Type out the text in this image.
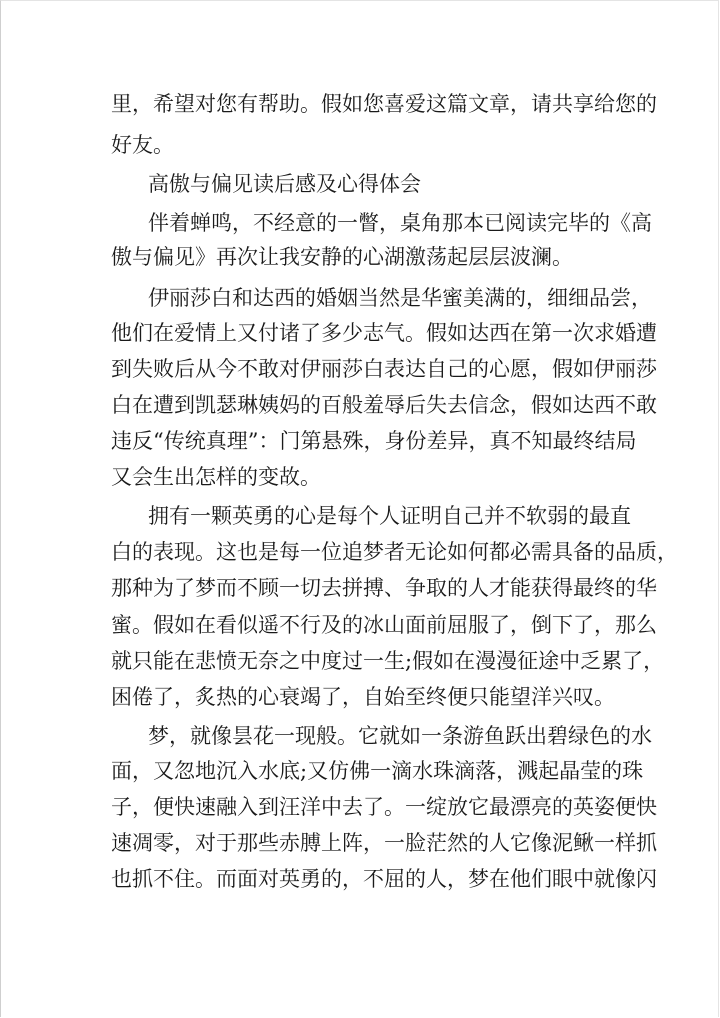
里，希望对您有帮助。假如您喜爱这篇文章，请共享给您的
好友。
高傲与偏见读后感及心得体会
伴着蝉鸣，不经意的一瞥，桌角那本已阅读完毕的《高
傲与偏见》再次让我安静的心湖激荡起层层波澜。
伊丽莎白和达西的婚姻当然是华蜜美满的，细细品尝，
他们在爱情上又付诸了多少志气。假如达西在第一次求婚遭
到失败后从今不敢对伊丽莎白表达自己的心愿，假如伊丽莎
白在遭到凯瑟琳姨妈的百般羞辱后失去信念，假如达西不敢
违反“传统真理”：门第悬殊，身份差异，真不知最终结局
又会生出怎样的变故。
拥有一颗英勇的心是每个人证明自己并不软弱的最直
白的表现。这也是每一位追梦者无论如何都必需具备的品质，
那种为了梦而不顾一切去拼搏、争取的人才能获得最终的华
蜜。假如在看似遥不行及的冰山面前屈服了，倒下了，那么
就只能在悲愤无奈之中度过一生;假如在漫漫征途中乏累了，
困倦了，炙热的心衰竭了，自始至终便只能望洋兴叹。
梦，就像昙花一现般。它就如一条游鱼跃出碧绿色的水
面，又忽地沉入水底;又仿佛一滴水珠滴落，溅起晶莹的珠
子，便快速融入到汪洋中去了。一绽放它最漂亮的英姿便快
速凋零，对于那些赤膊上阵，一脸茫然的人它像泥鳅一样抓
也抓不住。而面对英勇的，不屈的人，梦在他们眼中就像闪
